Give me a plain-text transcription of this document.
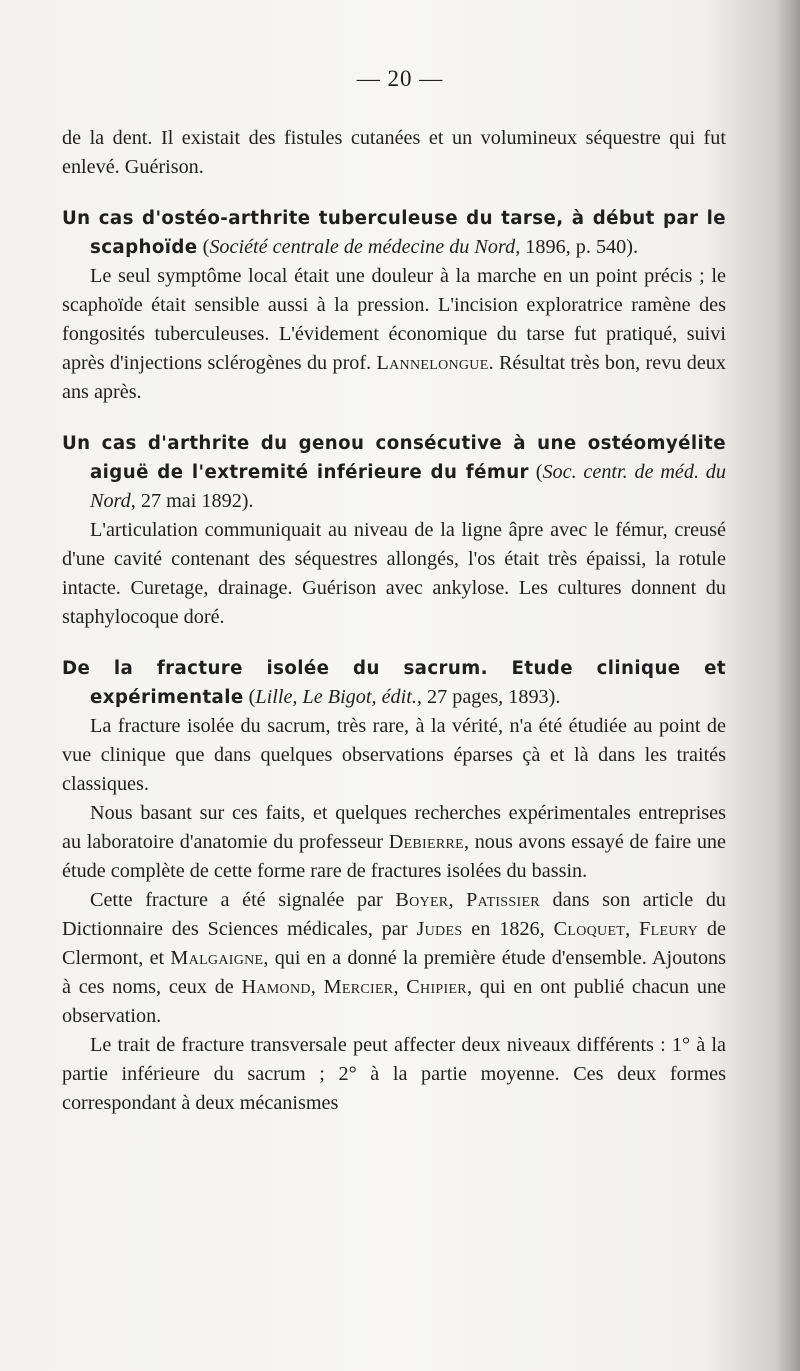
— 20 —

de la dent. Il existait des fistules cutanées et un volumineux séquestre qui fut enlevé. Guérison.

Un cas d'ostéo-arthrite tuberculeuse du tarse, à début par le scaphoïde (Société centrale de médecine du Nord, 1896, p. 540).

Le seul symptôme local était une douleur à la marche en un point précis ; le scaphoïde était sensible aussi à la pression. L'incision exploratrice ramène des fongosités tuberculeuses. L'évidement économique du tarse fut pratiqué, suivi après d'injections sclérogènes du prof. Lannelongue. Résultat très bon, revu deux ans après.

Un cas d'arthrite du genou consécutive à une ostéomyélite aiguë de l'extremité inférieure du fémur (Soc. centr. de méd. du Nord, 27 mai 1892).

L'articulation communiquait au niveau de la ligne âpre avec le fémur, creusé d'une cavité contenant des séquestres allongés, l'os était très épaissi, la rotule intacte. Curetage, drainage. Guérison avec ankylose. Les cultures donnent du staphylocoque doré.

De la fracture isolée du sacrum. Etude clinique et expérimentale (Lille, Le Bigot, édit., 27 pages, 1893).

La fracture isolée du sacrum, très rare, à la vérité, n'a été étudiée au point de vue clinique que dans quelques observations éparses çà et là dans les traités classiques.

Nous basant sur ces faits, et quelques recherches expérimentales entreprises au laboratoire d'anatomie du professeur Debierre, nous avons essayé de faire une étude complète de cette forme rare de fractures isolées du bassin.

Cette fracture a été signalée par Boyer, Patissier dans son article du Dictionnaire des Sciences médicales, par Judes en 1826, Cloquet, Fleury de Clermont, et Malgaigne, qui en a donné la première étude d'ensemble. Ajoutons à ces noms, ceux de Hamond, Mercier, Chipier, qui en ont publié chacun une observation.

Le trait de fracture transversale peut affecter deux niveaux différents : 1° à la partie inférieure du sacrum ; 2° à la partie moyenne. Ces deux formes correspondant à deux mécanismes
